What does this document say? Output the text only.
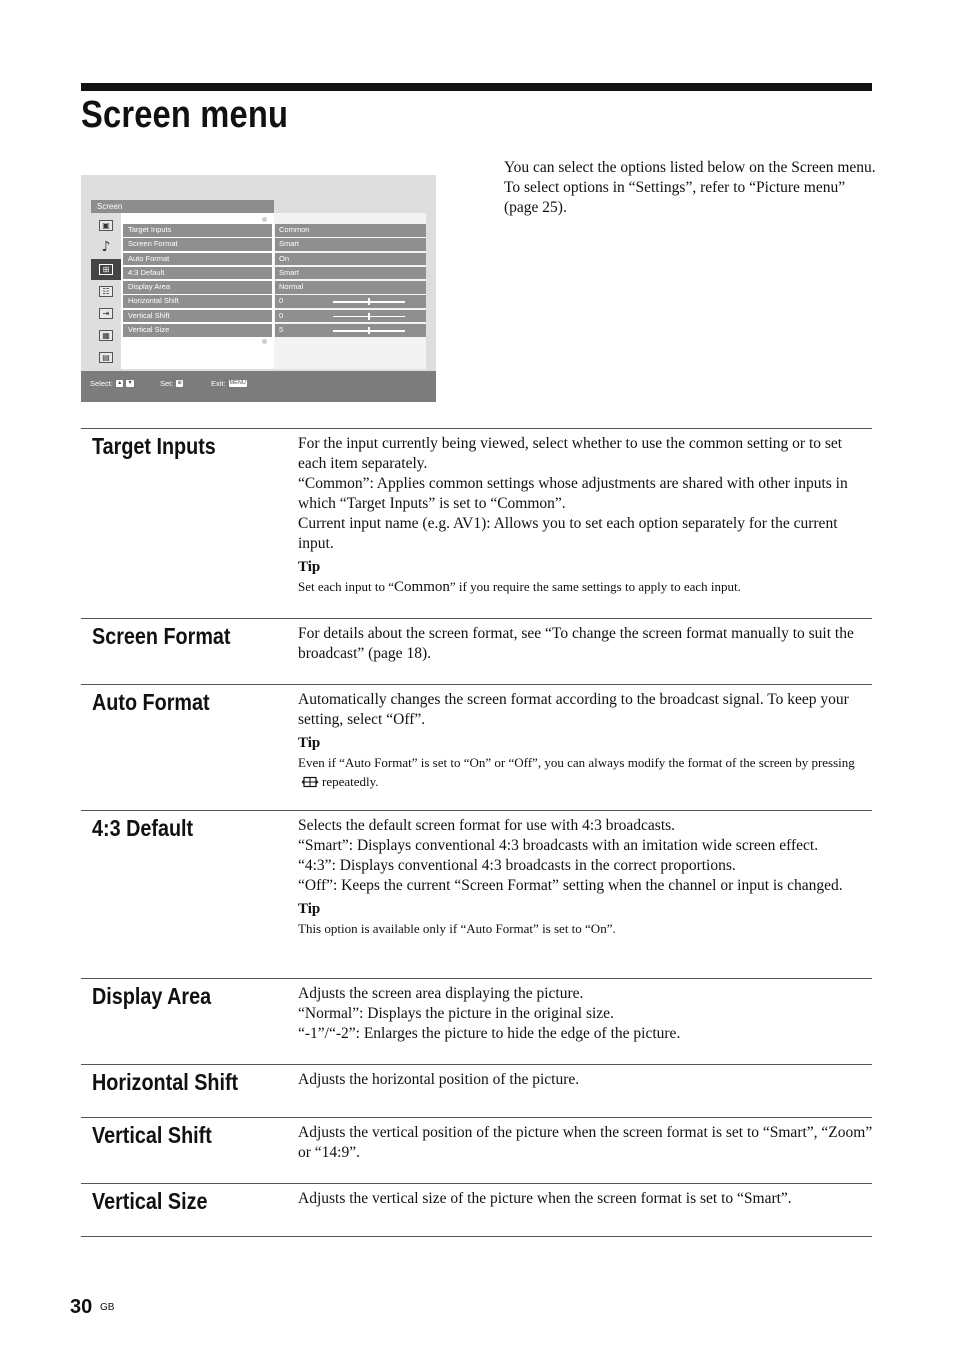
Screen menu
Screen
▣
♪
⊞
☷
⇥
▦
▤
Target Inputs	Common
Screen Format	Smart
Auto Format	On
4:3 Default	Smart
Display Area	Normal
Horizontal Shift	0
Vertical Shift	0
Vertical Size	5
Select: ▲ ▼	Set: ⊕	Exit: MENU

You can select the options listed below on the Screen menu. To select options in “Settings”, refer to “Picture menu” (page 25).

Target Inputs	For the input currently being viewed, select whether to use the common setting or to set each item separately.

“Common”: Applies common settings whose adjustments are shared with other inputs in which “Target Inputs” is set to “Common”.

Current input name (e.g. AV1): Allows you to set each option separately for the current input.

Tip
Set each input to “Common” if you require the same settings to apply to each input.
Screen Format	For details about the screen format, see “To change the screen format manually to suit the broadcast” (page 18).

Auto Format	Automatically changes the screen format according to the broadcast signal. To keep your setting, select “Off”.

Tip
Even if “Auto Format” is set to “On” or “Off”, you can always modify the format of the screen by pressingrepeatedly.
4:3 Default	Selects the default screen format for use with 4:3 broadcasts.

“Smart”: Displays conventional 4:3 broadcasts with an imitation wide screen effect.

“4:3”: Displays conventional 4:3 broadcasts in the correct proportions.

“Off”: Keeps the current “Screen Format” setting when the channel or input is changed.

Tip
This option is available only if “Auto Format” is set to “On”.
Display Area	Adjusts the screen area displaying the picture.

“Normal”: Displays the picture in the original size.

“-1”/“-2”: Enlarges the picture to hide the edge of the picture.

Horizontal Shift	Adjusts the horizontal position of the picture.

Vertical Shift	Adjusts the vertical position of the picture when the screen format is set to “Smart”, “Zoom” or “14:9”.

Vertical Size	Adjusts the vertical size of the picture when the screen format is set to “Smart”.

30 GB
